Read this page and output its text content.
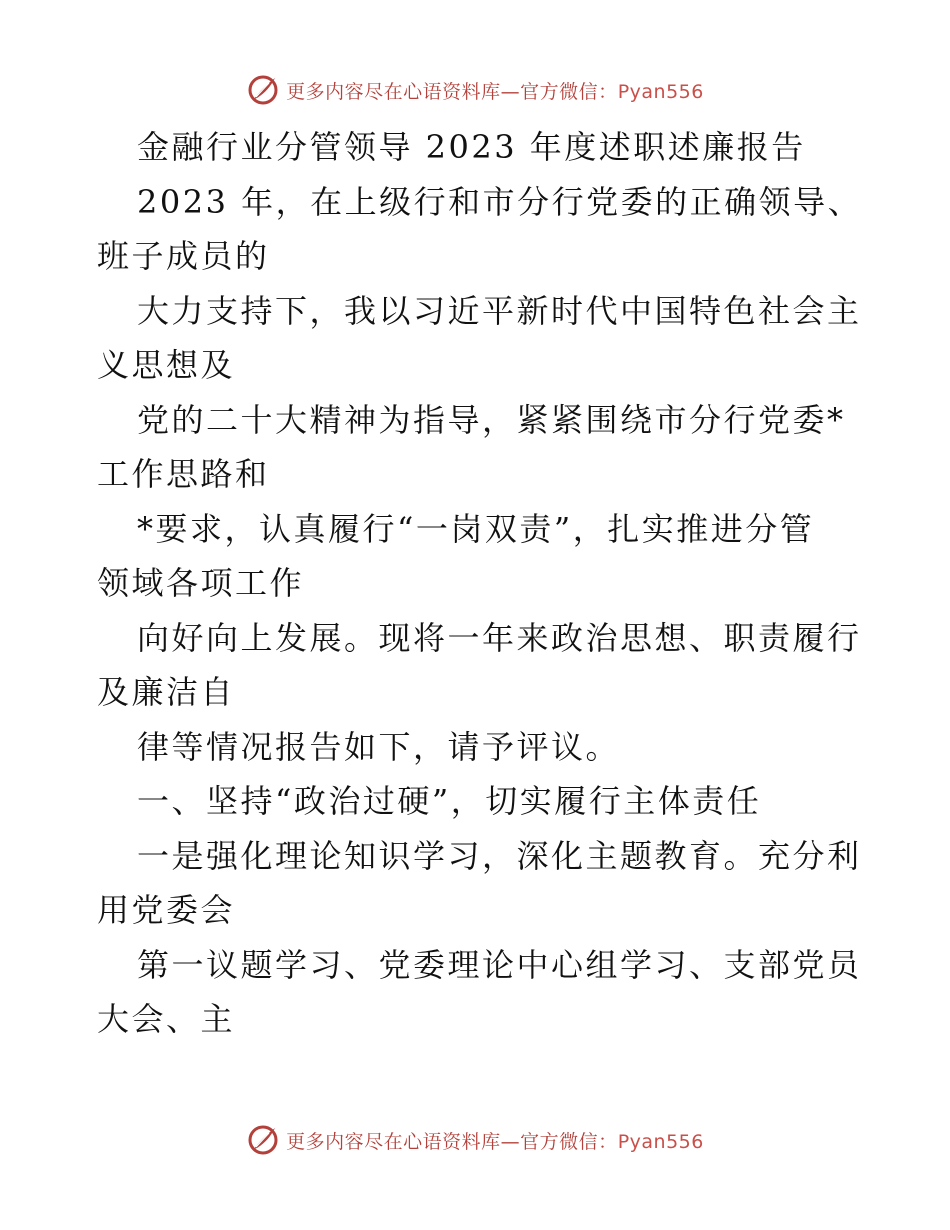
更多内容尽在心语资料库—官方微信：Pyan556
金融行业分管领导 2023 年度述职述廉报告
2023 年，在上级行和市分行党委的正确领导、
班子成员的
大力支持下，我以习近平新时代中国特色社会主
义思想及
党的二十大精神为指导，紧紧围绕市分行党委*
工作思路和
*要求，认真履行“一岗双责”，扎实推进分管
领域各项工作
向好向上发展。现将一年来政治思想、职责履行
及廉洁自
律等情况报告如下，请予评议。
一、坚持“政治过硬”，切实履行主体责任
一是强化理论知识学习，深化主题教育。充分利
用党委会
第一议题学习、党委理论中心组学习、支部党员
大会、主
更多内容尽在心语资料库—官方微信：Pyan556
